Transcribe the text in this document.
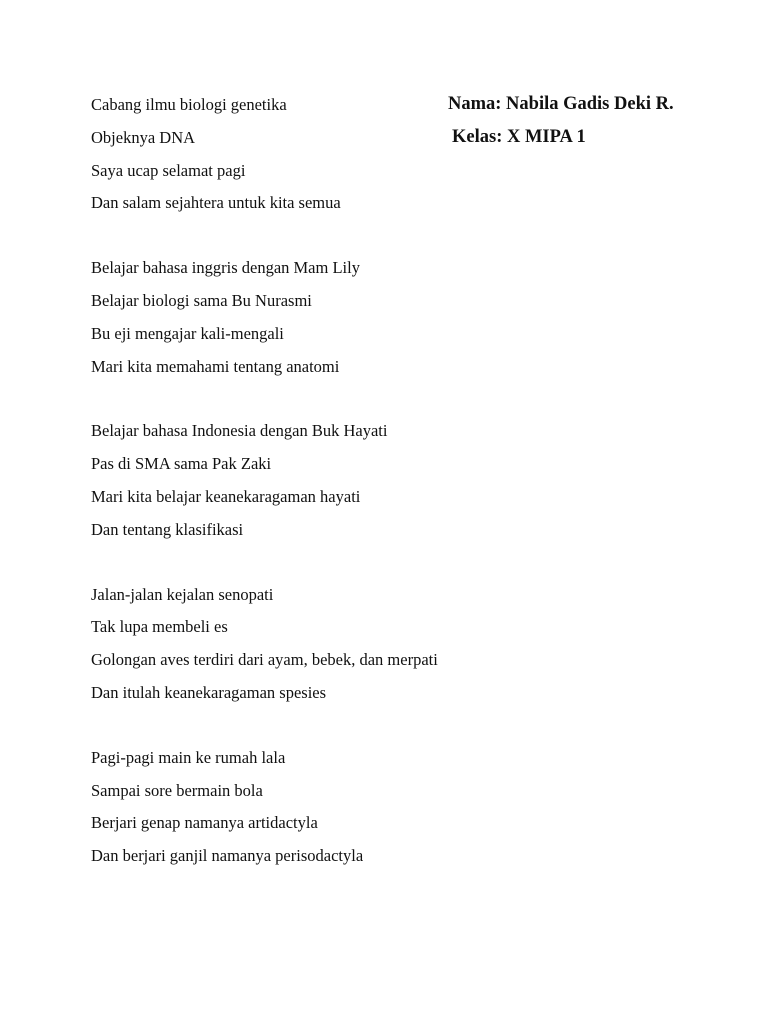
Nama: Nabila Gadis Deki R.
Kelas: X MIPA 1
Cabang ilmu biologi genetika
Objeknya DNA
Saya ucap selamat pagi
Dan salam sejahtera untuk kita semua
Belajar bahasa inggris dengan Mam Lily
Belajar biologi sama Bu Nurasmi
Bu eji mengajar kali-mengali
Mari kita memahami tentang anatomi
Belajar bahasa Indonesia dengan Buk Hayati
Pas di SMA sama Pak Zaki
Mari kita belajar keanekaragaman hayati
Dan tentang klasifikasi
Jalan-jalan kejalan senopati
Tak lupa membeli es
Golongan aves terdiri dari ayam, bebek, dan merpati
Dan itulah keanekaragaman spesies
Pagi-pagi main ke rumah lala
Sampai sore bermain bola
Berjari genap namanya artidactyla
Dan berjari ganjil namanya perisodactyla
